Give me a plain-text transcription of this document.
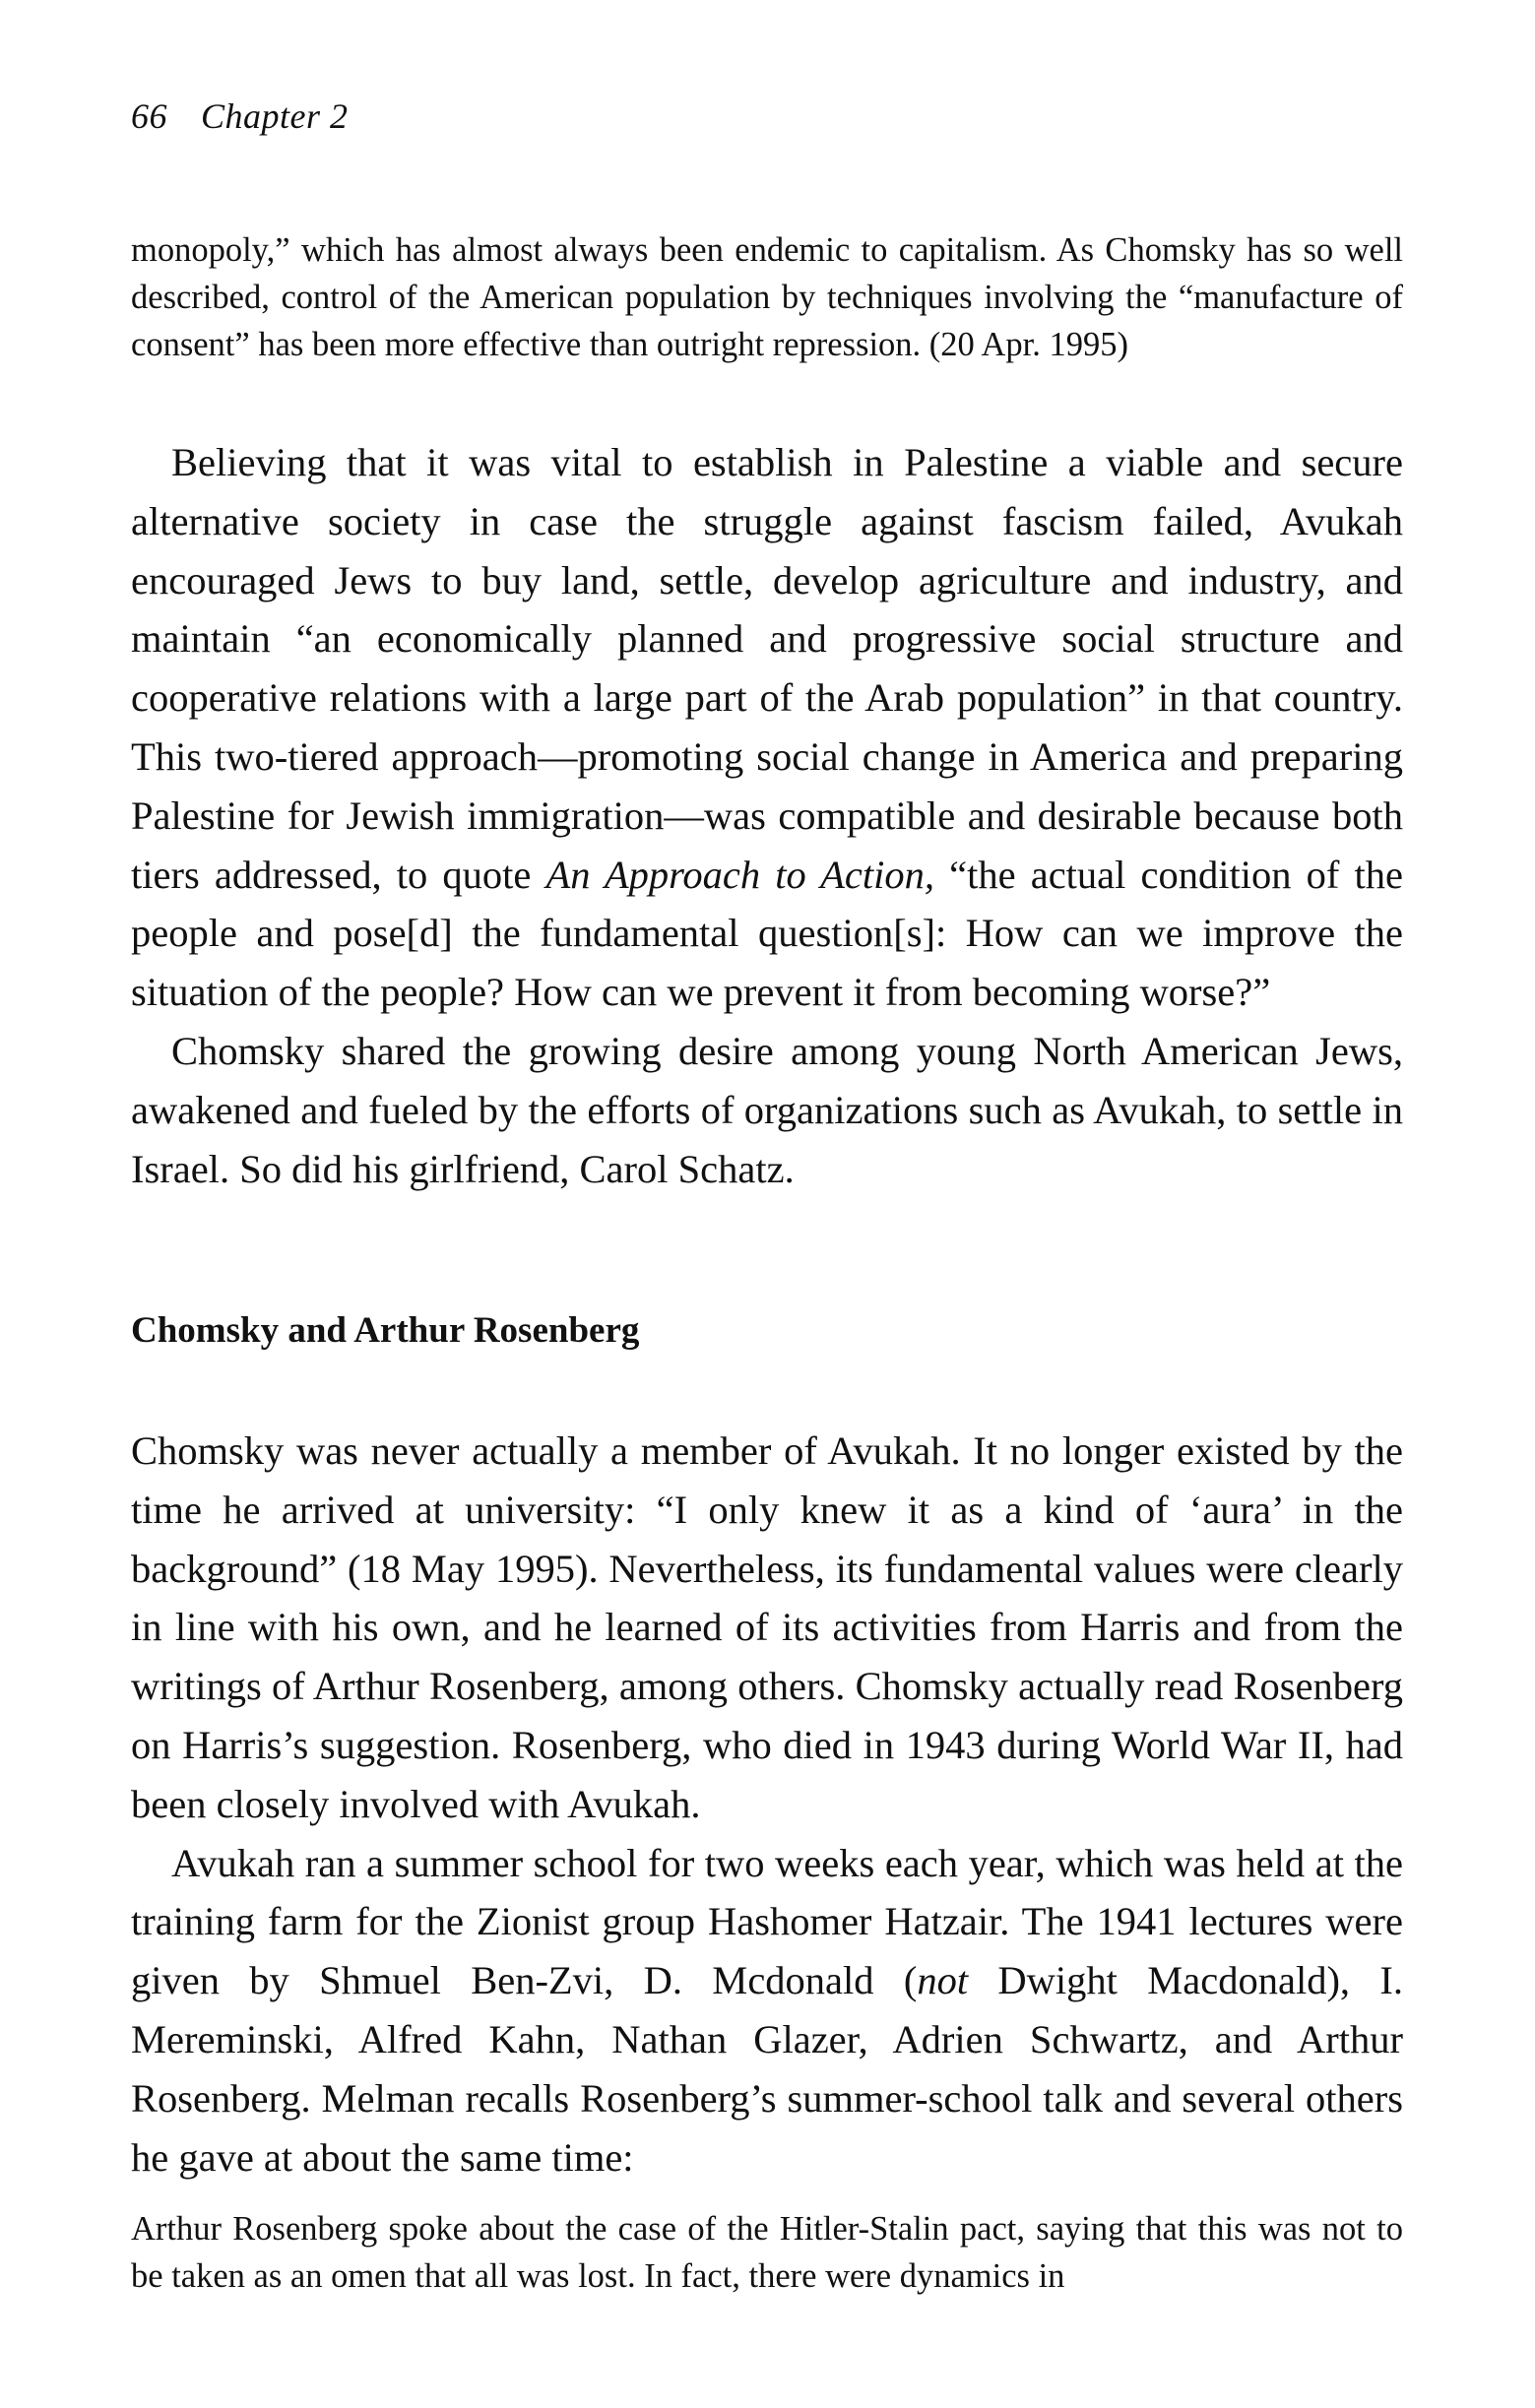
66 Chapter 2
monopoly,” which has almost always been endemic to capitalism. As Chomsky has so well described, control of the American population by techniques involving the “manufacture of consent” has been more effective than outright repression. (20 Apr. 1995)

Believing that it was vital to establish in Palestine a viable and secure alternative society in case the struggle against fascism failed, Avukah encouraged Jews to buy land, settle, develop agriculture and industry, and maintain “an economically planned and progressive social structure and cooperative relations with a large part of the Arab population” in that country. This two-tiered approach—promoting social change in America and preparing Palestine for Jewish immigration—was compatible and desirable because both tiers addressed, to quote An Approach to Action, “the actual condition of the people and pose[d] the fundamental question[s]: How can we improve the situation of the people? How can we prevent it from becoming worse?”

Chomsky shared the growing desire among young North American Jews, awakened and fueled by the efforts of organizations such as Avukah, to settle in Israel. So did his girlfriend, Carol Schatz.

Chomsky and Arthur Rosenberg

Chomsky was never actually a member of Avukah. It no longer existed by the time he arrived at university: “I only knew it as a kind of ‘aura’ in the background” (18 May 1995). Nevertheless, its fundamental values were clearly in line with his own, and he learned of its activities from Harris and from the writings of Arthur Rosenberg, among others. Chomsky actually read Rosenberg on Harris’s suggestion. Rosenberg, who died in 1943 during World War II, had been closely involved with Avukah.

Avukah ran a summer school for two weeks each year, which was held at the training farm for the Zionist group Hashomer Hatzair. The 1941 lectures were given by Shmuel Ben-Zvi, D. Mcdonald (not Dwight Macdonald), I. Mereminski, Alfred Kahn, Nathan Glazer, Adrien Schwartz, and Arthur Rosenberg. Melman recalls Rosenberg’s summer-school talk and several others he gave at about the same time:

Arthur Rosenberg spoke about the case of the Hitler-Stalin pact, saying that this was not to be taken as an omen that all was lost. In fact, there were dynamics in
